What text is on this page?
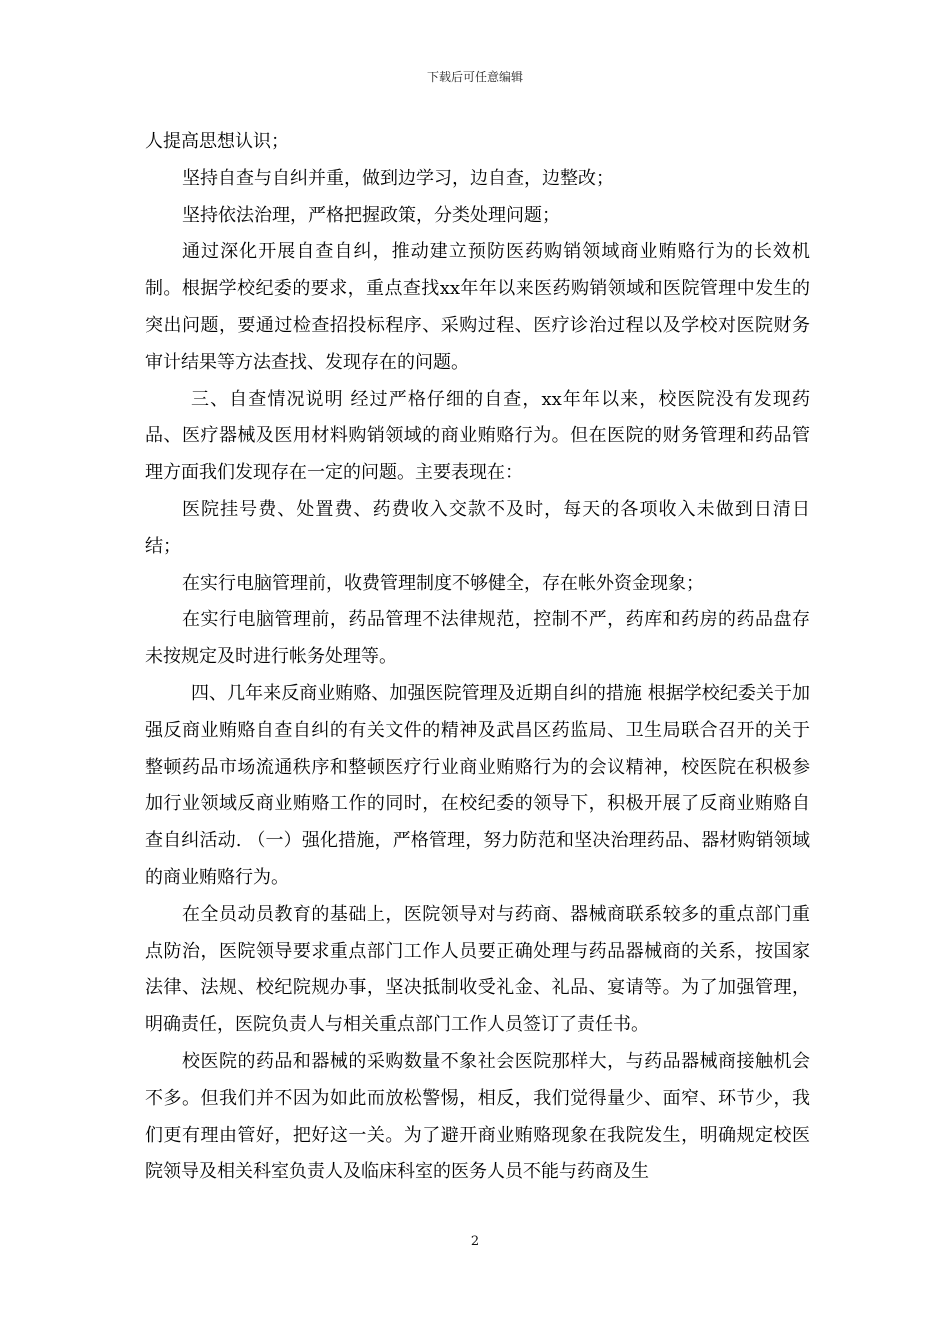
下载后可任意编辑

人提高思想认识；

坚持自查与自纠并重，做到边学习，边自查，边整改；

坚持依法治理，严格把握政策，分类处理问题；

通过深化开展自查自纠，推动建立预防医药购销领域商业贿赂行为的长效机制。根据学校纪委的要求，重点查找xx年年以来医药购销领域和医院管理中发生的突出问题，要通过检查招投标程序、采购过程、医疗诊治过程以及学校对医院财务审计结果等方法查找、发现存在的问题。

三、自查情况说明 经过严格仔细的自查，xx年年以来，校医院没有发现药品、医疗器械及医用材料购销领域的商业贿赂行为。但在医院的财务管理和药品管理方面我们发现存在一定的问题。主要表现在：

医院挂号费、处置费、药费收入交款不及时，每天的各项收入未做到日清日结；

在实行电脑管理前，收费管理制度不够健全，存在帐外资金现象；

在实行电脑管理前，药品管理不法律规范，控制不严，药库和药房的药品盘存未按规定及时进行帐务处理等。

四、几年来反商业贿赂、加强医院管理及近期自纠的措施 根据学校纪委关于加强反商业贿赂自查自纠的有关文件的精神及武昌区药监局、卫生局联合召开的关于整顿药品市场流通秩序和整顿医疗行业商业贿赂行为的会议精神，校医院在积极参加行业领域反商业贿赂工作的同时，在校纪委的领导下，积极开展了反商业贿赂自查自纠活动. （一）强化措施，严格管理，努力防范和坚决治理药品、器材购销领域的商业贿赂行为。

在全员动员教育的基础上，医院领导对与药商、器械商联系较多的重点部门重点防治，医院领导要求重点部门工作人员要正确处理与药品器械商的关系，按国家法律、法规、校纪院规办事，坚决抵制收受礼金、礼品、宴请等。为了加强管理，明确责任，医院负责人与相关重点部门工作人员签订了责任书。

校医院的药品和器械的采购数量不象社会医院那样大，与药品器械商接触机会不多。但我们并不因为如此而放松警惕，相反，我们觉得量少、面窄、环节少，我们更有理由管好，把好这一关。为了避开商业贿赂现象在我院发生，明确规定校医院领导及相关科室负责人及临床科室的医务人员不能与药商及生

2
